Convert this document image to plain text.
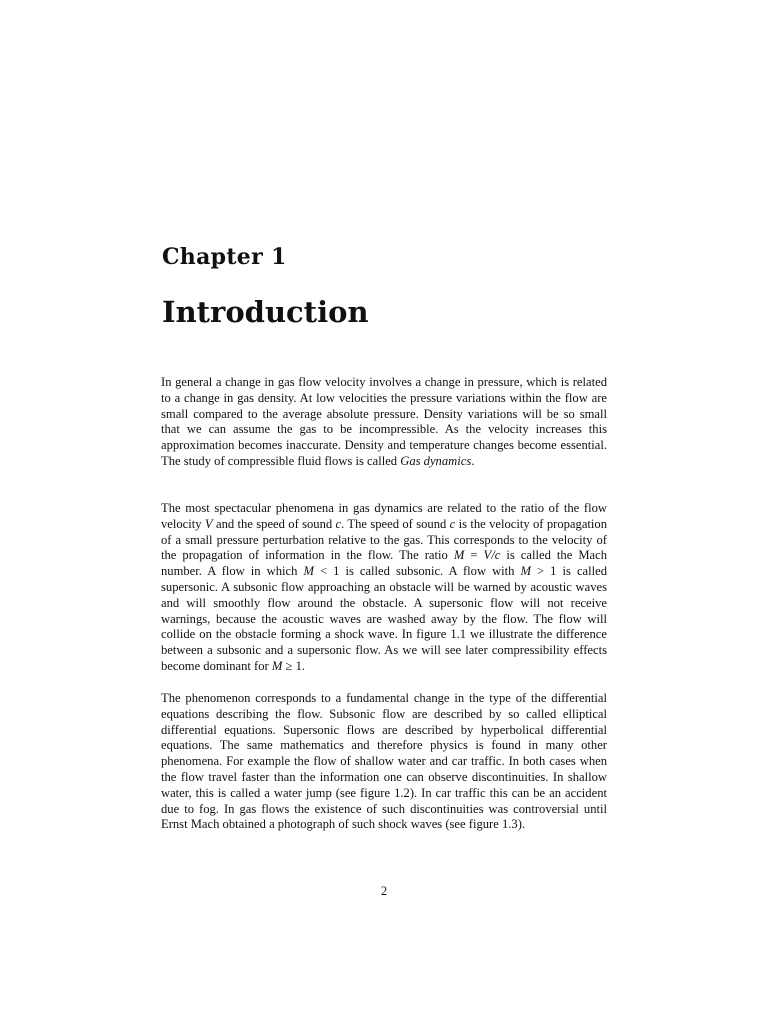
Chapter 1
Introduction

In general a change in gas flow velocity involves a change in pressure, which is related to a change in gas density. At low velocities the pressure variations within the flow are small compared to the average absolute pressure. Density variations will be so small that we can assume the gas to be incompressible. As the velocity increases this approximation becomes inaccurate. Density and temperature changes become essential. The study of compressible fluid flows is called Gas dynamics.

The most spectacular phenomena in gas dynamics are related to the ratio of the flow velocity V and the speed of sound c. The speed of sound c is the velocity of propagation of a small pressure perturbation relative to the gas. This corresponds to the velocity of the propagation of information in the flow. The ratio M = V/c is called the Mach number. A flow in which M < 1 is called subsonic. A flow with M > 1 is called supersonic. A subsonic flow approaching an obstacle will be warned by acoustic waves and will smoothly flow around the obstacle. A supersonic flow will not receive warnings, because the acoustic waves are washed away by the flow. The flow will collide on the obstacle forming a shock wave. In figure 1.1 we illustrate the difference between a subsonic and a supersonic flow. As we will see later compressibility effects become dominant for M ≥ 1.

The phenomenon corresponds to a fundamental change in the type of the differential equations describing the flow. Subsonic flow are described by so called elliptical differential equations. Supersonic flows are described by hyperbolical differential equations. The same mathematics and therefore physics is found in many other phenomena. For example the flow of shallow water and car traffic. In both cases when the flow travel faster than the information one can observe discontinuities. In shallow water, this is called a water jump (see figure 1.2). In car traffic this can be an accident due to fog. In gas flows the existence of such discontinuities was controversial until Ernst Mach obtained a photograph of such shock waves (see figure 1.3).

2
